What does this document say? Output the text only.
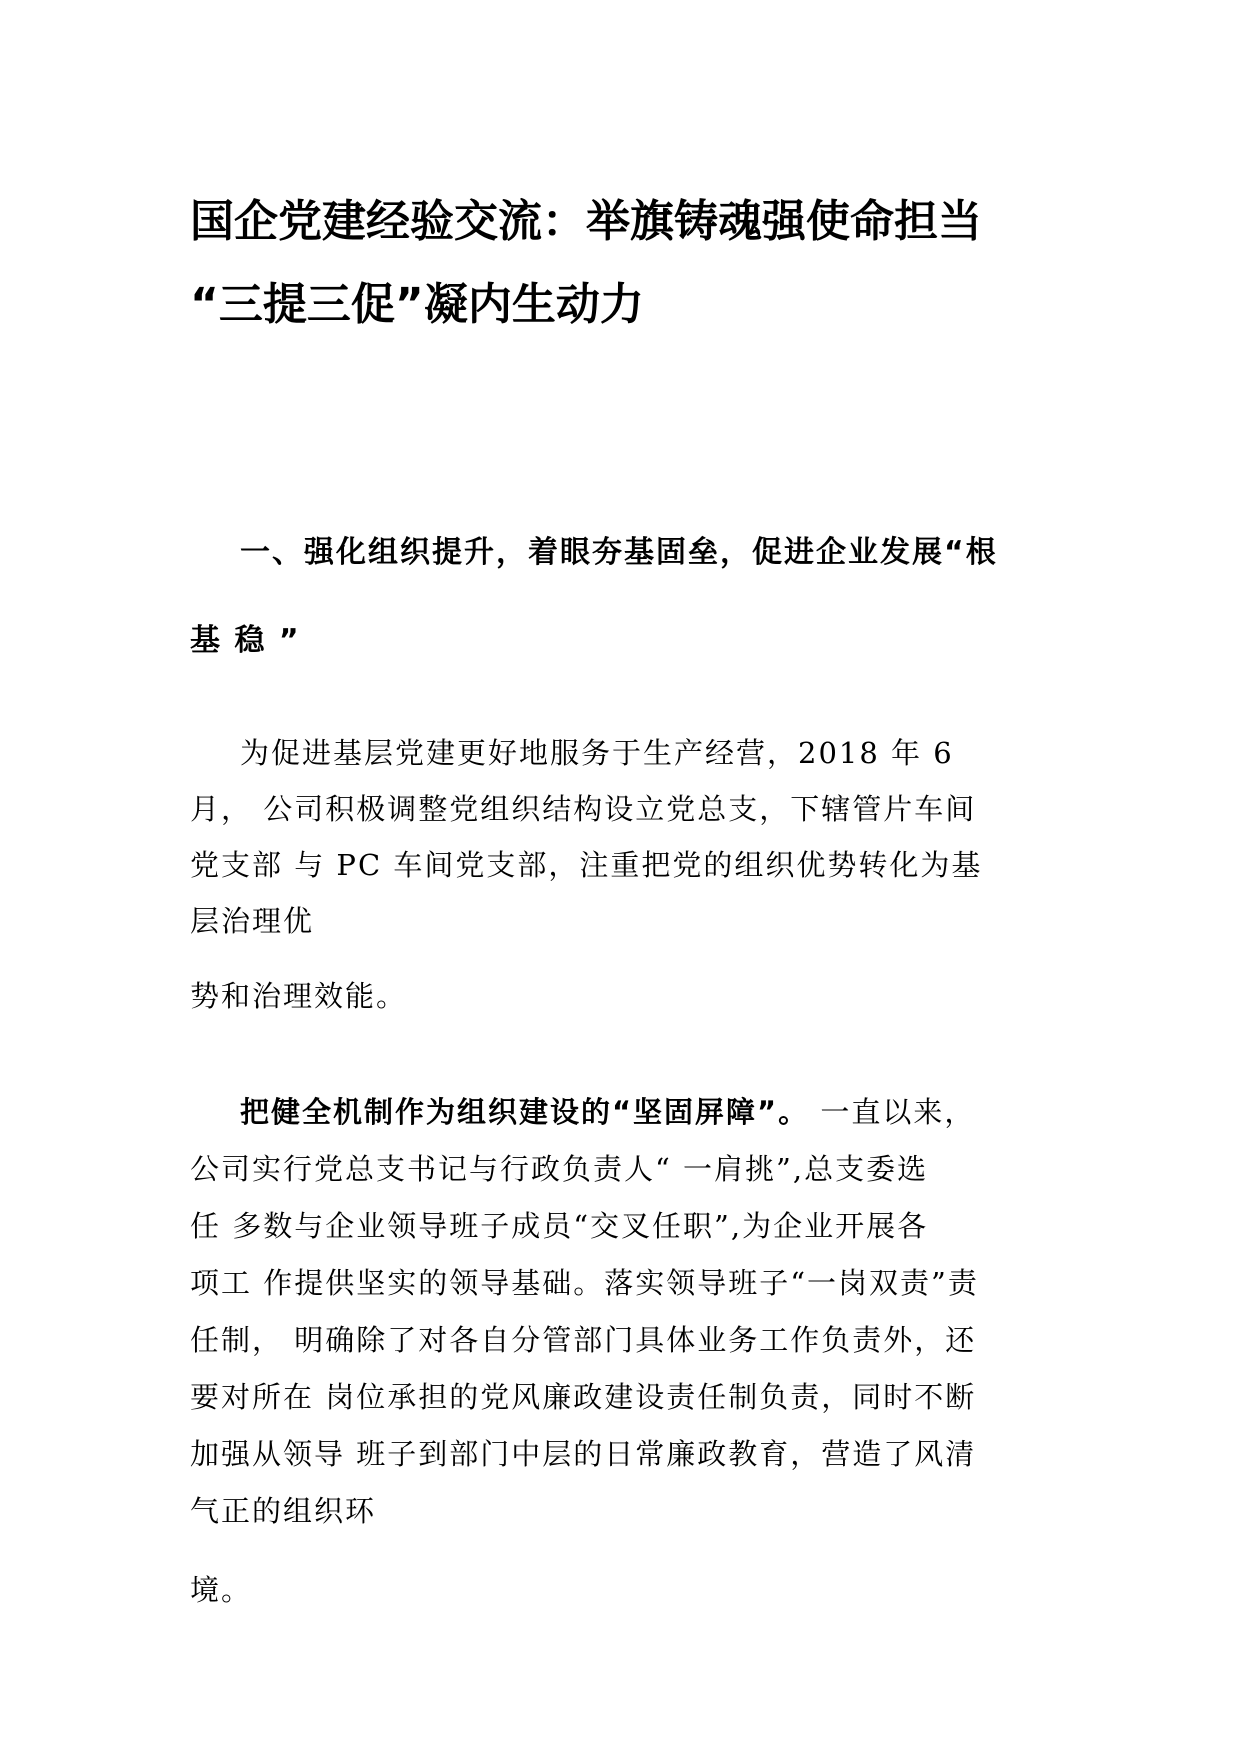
国企党建经验交流：举旗铸魂强使命担当
“三提三促”凝内生动力
一、强化组织提升，着眼夯基固垒，促进企业发展“根
基 稳 ”
为促进基层党建更好地服务于生产经营，2018 年 6
月， 公司积极调整党组织结构设立党总支，下辖管片车间
党支部 与 PC 车间党支部，注重把党的组织优势转化为基
层治理优
势和治理效能。
把健全机制作为组织建设的“坚固屏障”。 一直以来，
公司实行党总支书记与行政负责人“ 一肩挑”,总支委选
任 多数与企业领导班子成员“交叉任职”,为企业开展各
项工 作提供坚实的领导基础。落实领导班子“一岗双责”责
任制， 明确除了对各自分管部门具体业务工作负责外，还
要对所在 岗位承担的党风廉政建设责任制负责，同时不断
加强从领导 班子到部门中层的日常廉政教育，营造了风清
气正的组织环
境。
